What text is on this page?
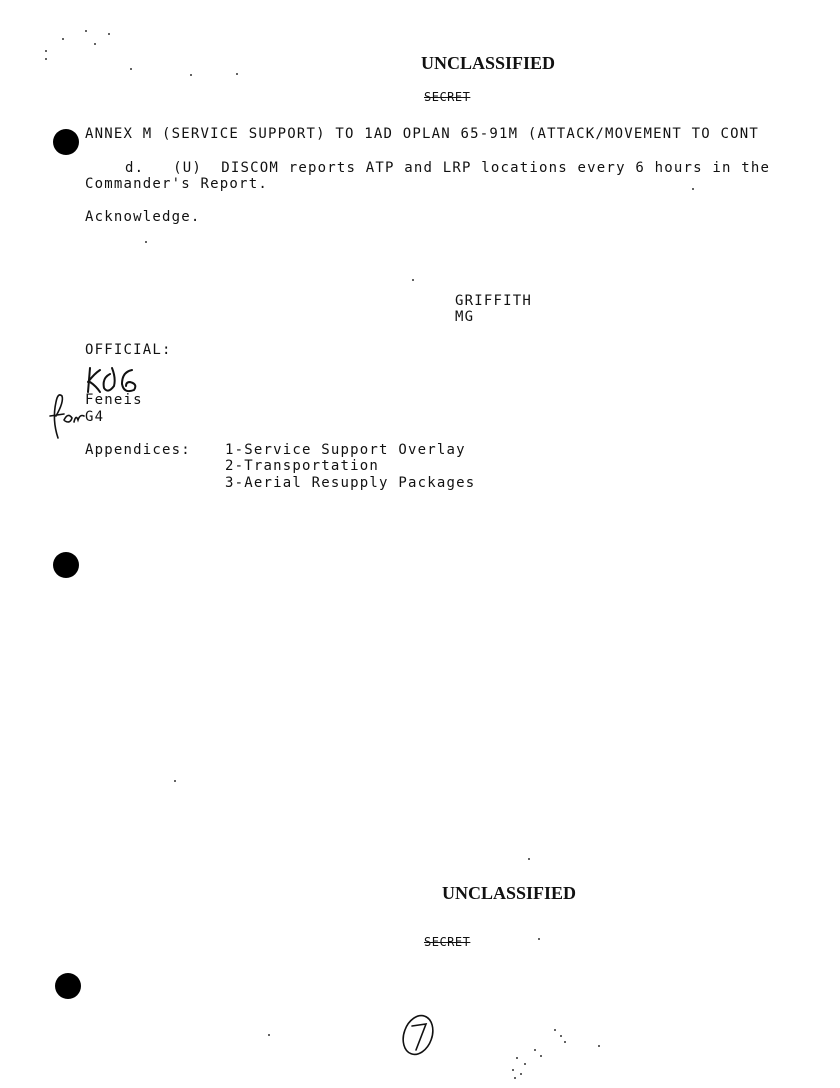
UNCLASSIFIED
SECRET
ANNEX M (SERVICE SUPPORT) TO 1AD OPLAN 65-91M (ATTACK/MOVEMENT TO CONT
d.   (U)  DISCOM reports ATP and LRP locations every 6 hours in the
Commander's Report.
Acknowledge.
GRIFFITH
MG
OFFICIAL:
Feneis
G4
Appendices: 1-Service Support Overlay
2-Transportation
3-Aerial Resupply Packages
UNCLASSIFIED
SECRET
